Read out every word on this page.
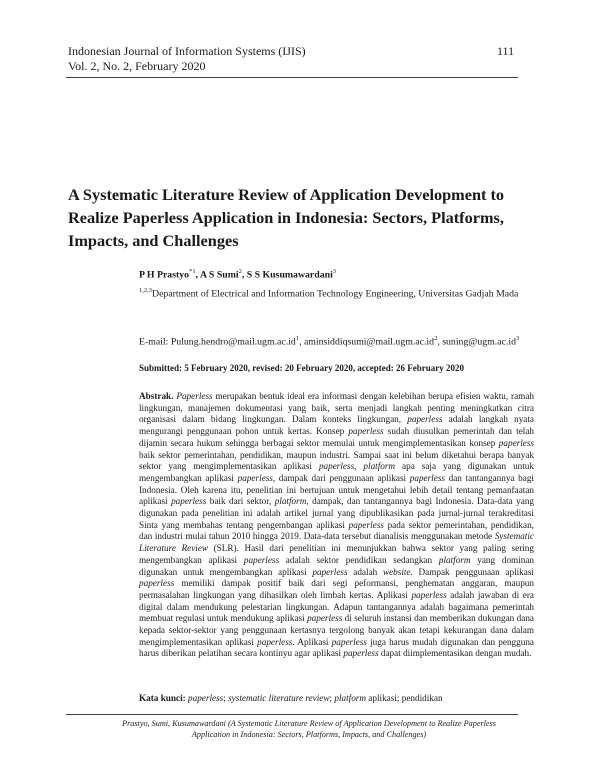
Indonesian Journal of Information Systems (IJIS)
Vol. 2, No. 2, February 2020
111
A Systematic Literature Review of Application Development to Realize Paperless Application in Indonesia: Sectors, Platforms, Impacts, and Challenges
P H Prastyo$^{*1}$, A S Sumi$^2$, S S Kusumawardani$^3$
$^{1,2,3}$Department of Electrical and Information Technology Engineering, Universitas Gadjah Mada
E-mail: $Pulung.hendro@mail.ugm.ac.id^1$, $aminsiddiqsumi@mail.ugm.ac.id^2$, $suning@ugm.ac.id^3$
Submitted: 5 February 2020, revised: 20 February 2020, accepted: 26 February 2020
Abstrak. Paperless merupakan bentuk ideal era informasi dengan kelebihan berupa efisien waktu, ramah lingkungan, manajemen dokumentasi yang baik, serta menjadi langkah penting meningkatkan citra organisasi dalam bidang lingkungan. Dalam konteks lingkungan, paperless adalah langkah nyata mengurangi penggunaan pohon untuk kertas. Konsep paperless sudah diusulkan pemerintah dan telah dijamin secara hukum sehingga berbagai sektor memulai untuk mengimplementasikan konsep paperless baik sektor pemerintahan, pendidikan, maupun industri. Sampai saat ini belum diketahui berapa banyak sektor yang mengimplementasikan aplikasi paperless, platform apa saja yang digunakan untuk mengembangkan aplikasi paperless, dampak dari penggunaan aplikasi paperless dan tantangannya bagi Indonesia. Oleh karena itu, penelitian ini bertujuan untuk mengetahui lebih detail tentang pemanfaatan aplikasi paperless baik dari sektor, platform, dampak, dan tantangannya bagi Indonesia. Data-data yang digunakan pada penelitian ini adalah artikel jurnal yang dipublikasikan pada jurnal-jurnal terakreditasi Sinta yang membahas tentang pengembangan aplikasi paperless pada sektor pemerintahan, pendidikan, dan industri mulai tahun 2010 hingga 2019. Data-data tersebut dianalisis menggunakan metode Systematic Literature Review (SLR). Hasil dari penelitian ini menunjukkan bahwa sektor yang paling sering mengembangkan aplikasi paperless adalah sektor pendidikan sedangkan platform yang dominan digunakan untuk mengembangkan aplikasi paperless adalah website. Dampak penggunaan aplikasi paperless memiliki dampak positif baik dari segi peformansi, penghematan anggaran, maupun permasalahan lingkungan yang dihasilkan oleh limbah kertas. Aplikasi paperless adalah jawaban di era digital dalam mendukung pelestarian lingkungan. Adapun tantangannya adalah bagaimana pemerintah membuat regulasi untuk mendukung aplikasi paperless di seluruh instansi dan memberikan dukungan dana kepada sektor-sektor yang penggunaan kertasnya tergolong banyak akan tetapi kekurangan dana dalam mengimplementasikan aplikasi paperless. Aplikasi paperless juga harus mudah digunakan dan pengguna harus diberikan pelatihan secara kontinyu agar aplikasi paperless dapat diimplementasikan dengan mudah.
Kata kunci: paperless; systematic literature review; platform aplikasi; pendidikan
Prastyo, Sumi, Kusumawardani (A Systematic Literature Review of Application Development to Realize Paperless
Application in Indonesia: Sectors, Platforms, Impacts, and Challenges)
